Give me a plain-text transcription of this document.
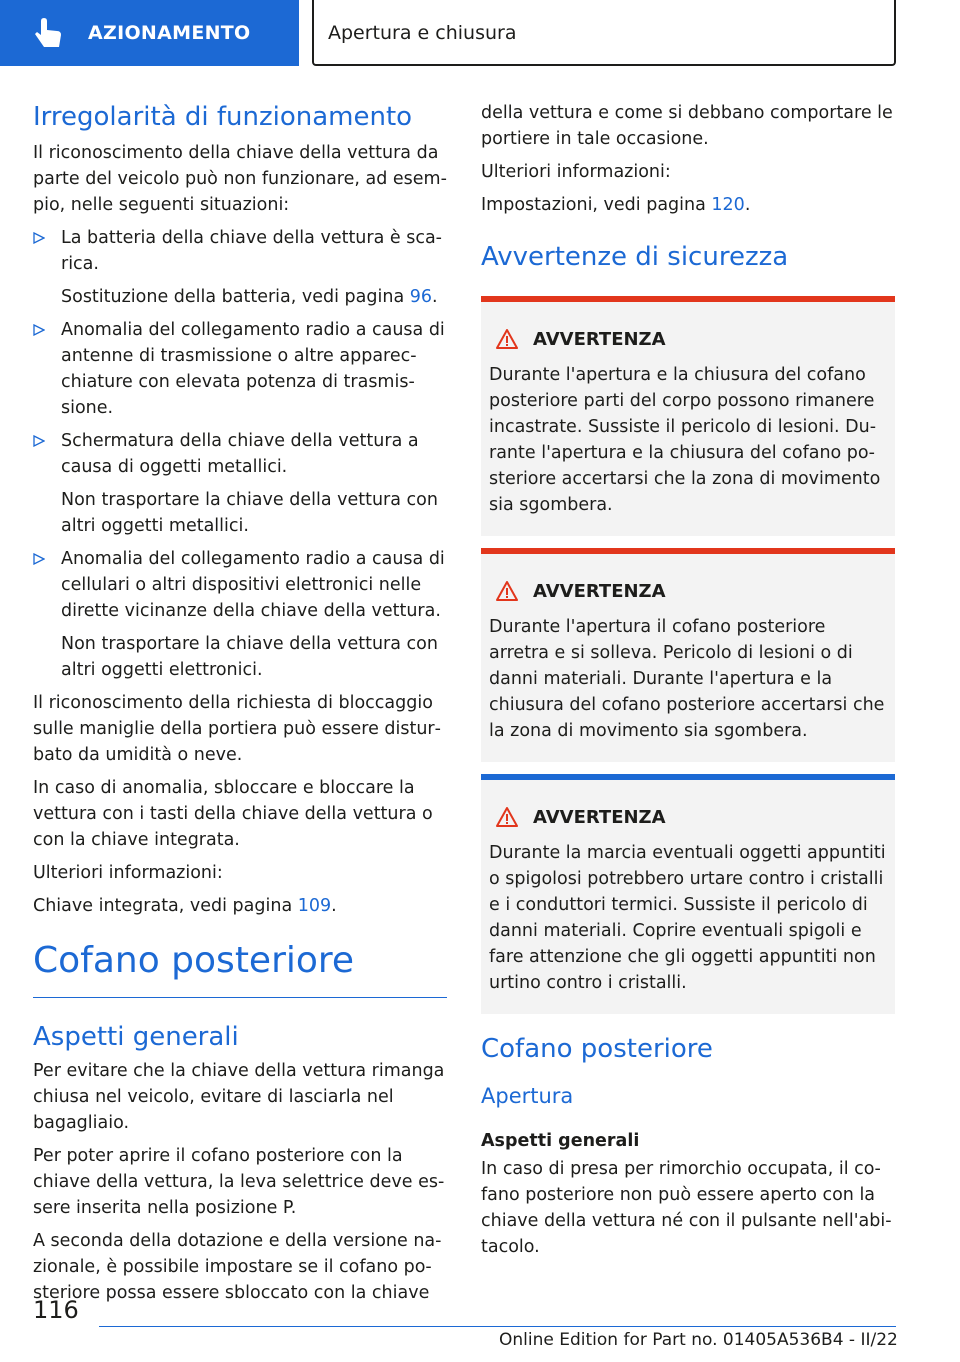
AZIONAMENTO	Apertura e chiusura
Irregolarità di funzionamento

Il riconoscimento della chiave della vettura da parte del veicolo può non funzionare, ad esempio, nelle seguenti situazioni:

La batteria della chiave della vettura è scarica.

Sostituzione della batteria, vedi pagina 96.

Anomalia del collegamento radio a causa di antenne di trasmissione o altre apparecchiature con elevata potenza di trasmissione.

Schermatura della chiave della vettura a causa di oggetti metallici.

Non trasportare la chiave della vettura con altri oggetti metallici.

Anomalia del collegamento radio a causa di cellulari o altri dispositivi elettronici nelle dirette vicinanze della chiave della vettura.

Non trasportare la chiave della vettura con altri oggetti elettronici.

Il riconoscimento della richiesta di bloccaggio sulle maniglie della portiera può essere disturbato da umidità o neve.

In caso di anomalia, sbloccare e bloccare la vettura con i tasti della chiave della vettura o con la chiave integrata.

Ulteriori informazioni:

Chiave integrata, vedi pagina 109.

Cofano posteriore
Aspetti generali

Per evitare che la chiave della vettura rimanga chiusa nel veicolo, evitare di lasciarla nel bagagliaio.

Per poter aprire il cofano posteriore con la chiave della vettura, la leva selettrice deve essere inserita nella posizione P.

A seconda della dotazione e della versione nazionale, è possibile impostare se il cofano posteriore possa essere sbloccato con la chiave

della vettura e come si debbano comportare le portiere in tale occasione.

Ulteriori informazioni:

Impostazioni, vedi pagina 120.

Avvertenze di sicurezza
AVVERTENZA

Durante l'apertura e la chiusura del cofano posteriore parti del corpo possono rimanere incastrate. Sussiste il pericolo di lesioni. Durante l'apertura e la chiusura del cofano posteriore accertarsi che la zona di movimento sia sgombera.

AVVERTENZA

Durante l'apertura il cofano posteriore arretra e si solleva. Pericolo di lesioni o di danni materiali. Durante l'apertura e la chiusura del cofano posteriore accertarsi che la zona di movimento sia sgombera.

AVVERTENZA

Durante la marcia eventuali oggetti appuntiti o spigolosi potrebbero urtare contro i cristalli e i conduttori termici. Sussiste il pericolo di danni materiali. Coprire eventuali spigoli e fare attenzione che gli oggetti appuntiti non urtino contro i cristalli.

Cofano posteriore
Apertura
Aspetti generali

In caso di presa per rimorchio occupata, il cofano posteriore non può essere aperto con la chiave della vettura né con il pulsante nell'abitacolo.

116
Online Edition for Part no. 01405A536B4 - II/22
